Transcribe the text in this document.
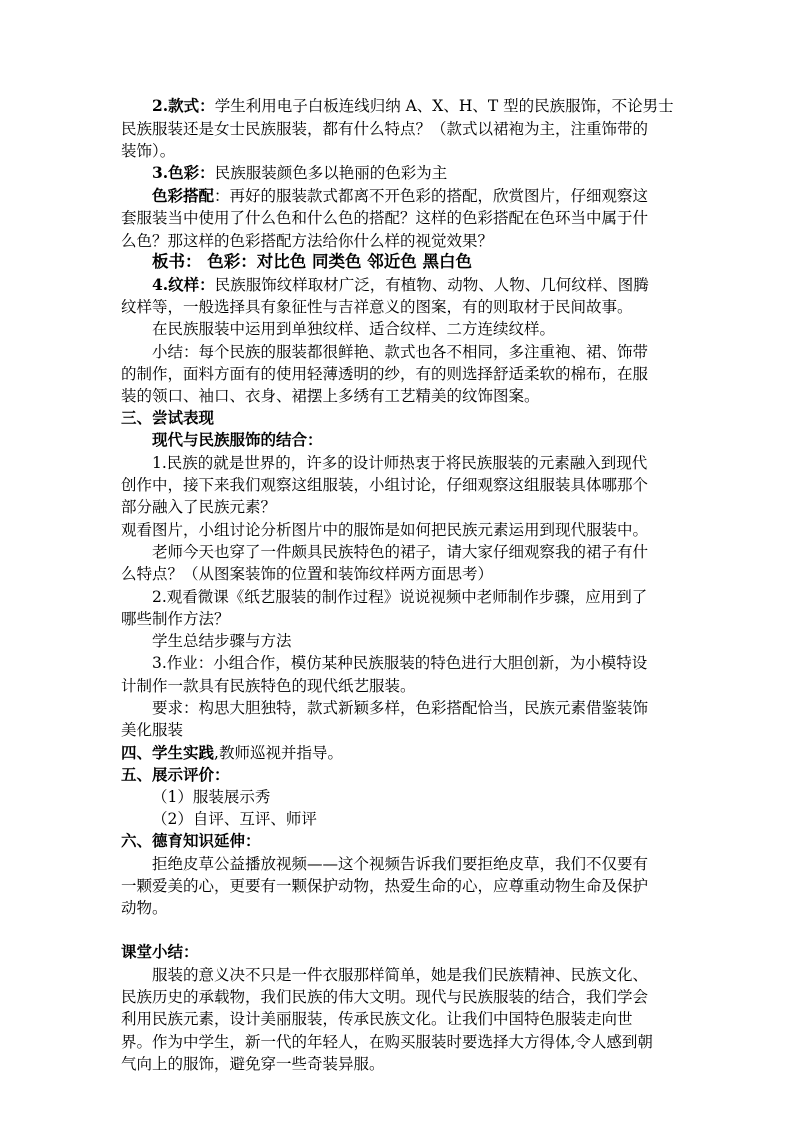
2.款式：学生利用电子白板连线归纳 A、X、H、T 型的民族服饰，不论男士
民族服装还是女士民族服装，都有什么特点？（款式以裙袍为主，注重饰带的
装饰）。
3.色彩：民族服装颜色多以艳丽的色彩为主
色彩搭配：再好的服装款式都离不开色彩的搭配，欣赏图片，仔细观察这
套服装当中使用了什么色和什么色的搭配？这样的色彩搭配在色环当中属于什
么色？那这样的色彩搭配方法给你什么样的视觉效果？
板书： 色彩：对比色 同类色 邻近色 黑白色
4.纹样：民族服饰纹样取材广泛，有植物、动物、人物、几何纹样、图腾
纹样等，一般选择具有象征性与吉祥意义的图案，有的则取材于民间故事。
在民族服装中运用到单独纹样、适合纹样、二方连续纹样。
小结：每个民族的服装都很鲜艳、款式也各不相同，多注重袍、裙、饰带
的制作，面料方面有的使用轻薄透明的纱，有的则选择舒适柔软的棉布，在服
装的领口、袖口、衣身、裙摆上多绣有工艺精美的纹饰图案。
三、尝试表现
现代与民族服饰的结合：
1.民族的就是世界的，许多的设计师热衷于将民族服装的元素融入到现代
创作中，接下来我们观察这组服装，小组讨论，仔细观察这组服装具体哪那个
部分融入了民族元素？
观看图片，小组讨论分析图片中的服饰是如何把民族元素运用到现代服装中。
老师今天也穿了一件颇具民族特色的裙子，请大家仔细观察我的裙子有什
么特点？（从图案装饰的位置和装饰纹样两方面思考）
2.观看微课《纸艺服装的制作过程》说说视频中老师制作步骤，应用到了
哪些制作方法？
学生总结步骤与方法
3.作业：小组合作，模仿某种民族服装的特色进行大胆创新，为小模特设
计制作一款具有民族特色的现代纸艺服装。
要求：构思大胆独特，款式新颖多样，色彩搭配恰当，民族元素借鉴装饰
美化服装
四、学生实践,教师巡视并指导。
五、展示评价：
（1）服装展示秀
（2）自评、互评、师评
六、德育知识延伸：
拒绝皮草公益播放视频——这个视频告诉我们要拒绝皮草，我们不仅要有
一颗爱美的心，更要有一颗保护动物，热爱生命的心，应尊重动物生命及保护
动物。
课堂小结：
服装的意义决不只是一件衣服那样简单，她是我们民族精神、民族文化、
民族历史的承载物，我们民族的伟大文明。现代与民族服装的结合，我们学会
利用民族元素，设计美丽服装，传承民族文化。让我们中国特色服装走向世
界。作为中学生，新一代的年轻人，在购买服装时要选择大方得体,令人感到朝
气向上的服饰，避免穿一些奇装异服。
